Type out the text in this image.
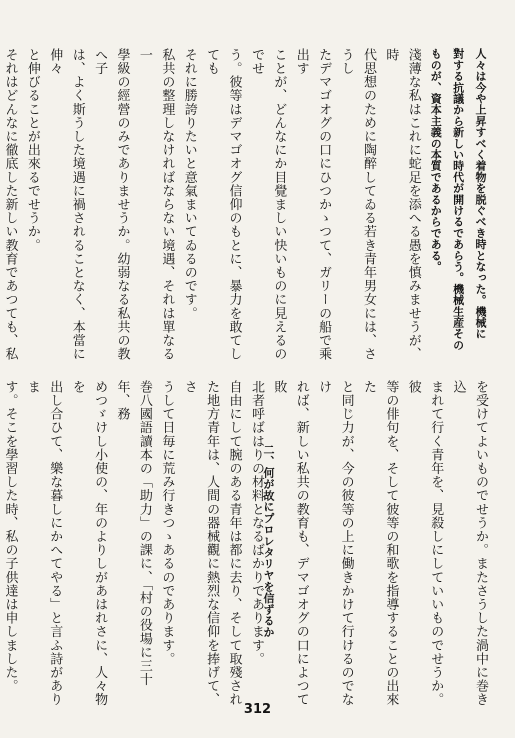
人々は今や上昇すべく着物を脱ぐべき時となった。機械に
對する抗議から新しい時代が開けるであらう。機械生産その
ものが、資本主義の本質であるからである。
淺薄な私はこれに蛇足を添へる愚を慎みませうが、時
代思想のために陶醉してゐる若き青年男女には、さうし
たデマゴオグの口にひつかゝつて、ガリーの船で乘出す
ことが、どんなにか目覺ましい快いものに見えるのでせ
う。彼等はデマゴオグ信仰のもとに、暴力を敢てしても
それに勝誇りたいと意氣まいてゐるのです。
私共の整理しなければならない境遇、それは單なる一
學級の經營のみでありませうか。幼弱なる私共の教へ子
は、よく斯うした境遇に禍されることなく、本當に伸々
と伸びることが出來るでせうか。
それはどんなに徹底した新しい教育であつても、私
二、何が故にプロレタリヤを信ずるか	を受けてよいものでせうか。またさうした渦中に巻き込
まれて行く青年を、見殺しにしていいものでせうか。彼
等の俳句を、そして彼等の和歌を指導することの出來た
と同じ力が、今の彼等の上に働きかけて行けるのでなけ
れば、新しい私共の教育も、デマゴオグの口によつて敗
北者呼ばはりの材料となるばかりであります。
自由にして腕のある青年は都に去り、そして取殘され
た地方青年は、人間の器械觀に熱烈な信仰を捧げて、さ
うして日毎に荒み行きつゝあるのであります。
巻八國語讀本の「助力」の課に、「村の役場に三十年、務
めつゞけし小使の、年のよりしがあはれさに、人々物を
出し合ひて、樂な暮しにかへてやる」と言ふ詩がありま
す。そこを學習した時、私の子供達は申しました。
312
